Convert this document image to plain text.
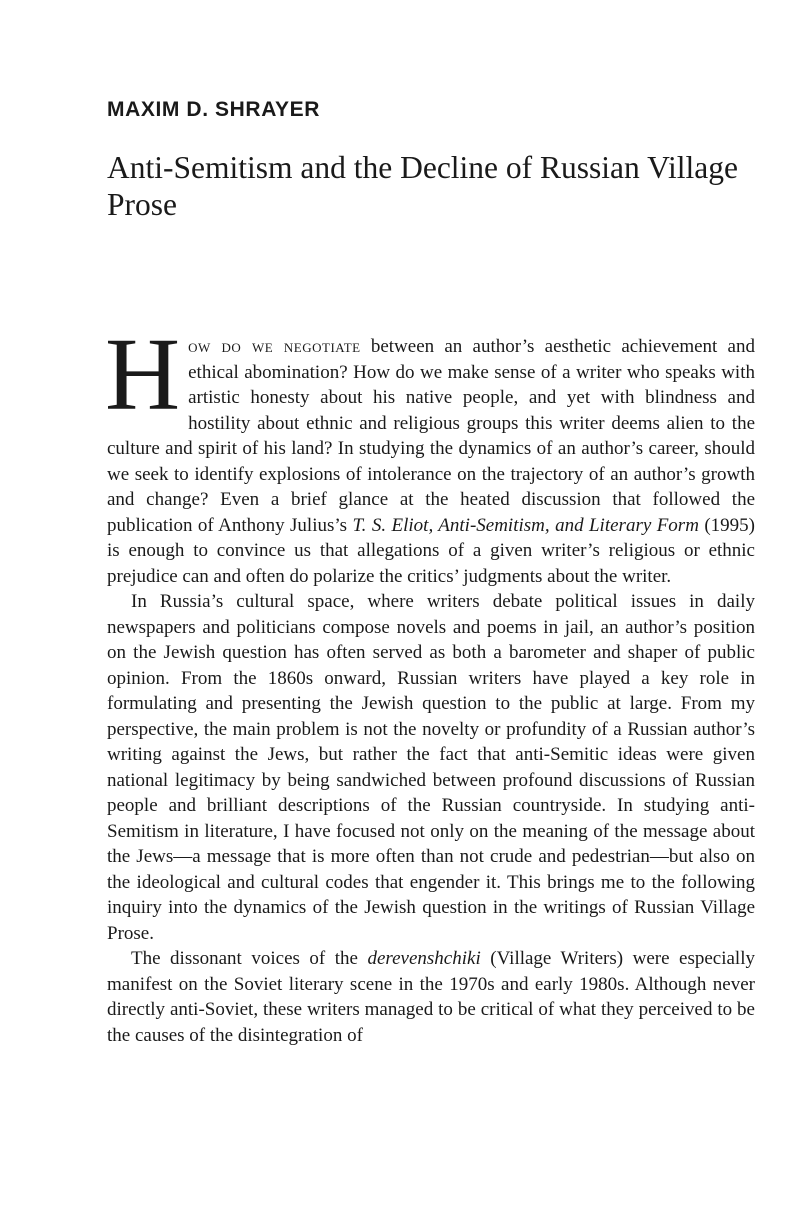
MAXIM D. SHRAYER
Anti-Semitism and the Decline of Russian Village Prose

How do we negotiate between an author’s aesthetic achievement and ethical abomination? How do we make sense of a writer who speaks with artistic honesty about his native people, and yet with blindness and hostility about ethnic and religious groups this writer deems alien to the culture and spirit of his land? In studying the dynamics of an author’s career, should we seek to identify explosions of intolerance on the trajectory of an author’s growth and change? Even a brief glance at the heated discussion that followed the publication of Anthony Julius’s T. S. Eliot, Anti-Semitism, and Literary Form (1995) is enough to convince us that allegations of a given writer’s religious or ethnic prejudice can and often do polarize the critics’ judgments about the writer.

In Russia’s cultural space, where writers debate political issues in daily newspapers and politicians compose novels and poems in jail, an author’s position on the Jewish question has often served as both a barometer and shaper of public opinion. From the 1860s onward, Russian writers have played a key role in formulating and presenting the Jewish question to the public at large. From my perspective, the main problem is not the novelty or profundity of a Russian author’s writing against the Jews, but rather the fact that anti-Semitic ideas were given national legitimacy by being sandwiched between profound discussions of Russian people and brilliant descriptions of the Russian countryside. In studying anti-Semitism in literature, I have focused not only on the meaning of the message about the Jews—a message that is more often than not crude and pedestrian—but also on the ideological and cultural codes that engender it. This brings me to the following inquiry into the dynamics of the Jewish question in the writings of Russian Village Prose.

The dissonant voices of the derevenshchiki (Village Writers) were especially manifest on the Soviet literary scene in the 1970s and early 1980s. Although never directly anti-Soviet, these writers managed to be critical of what they perceived to be the causes of the disintegration of
